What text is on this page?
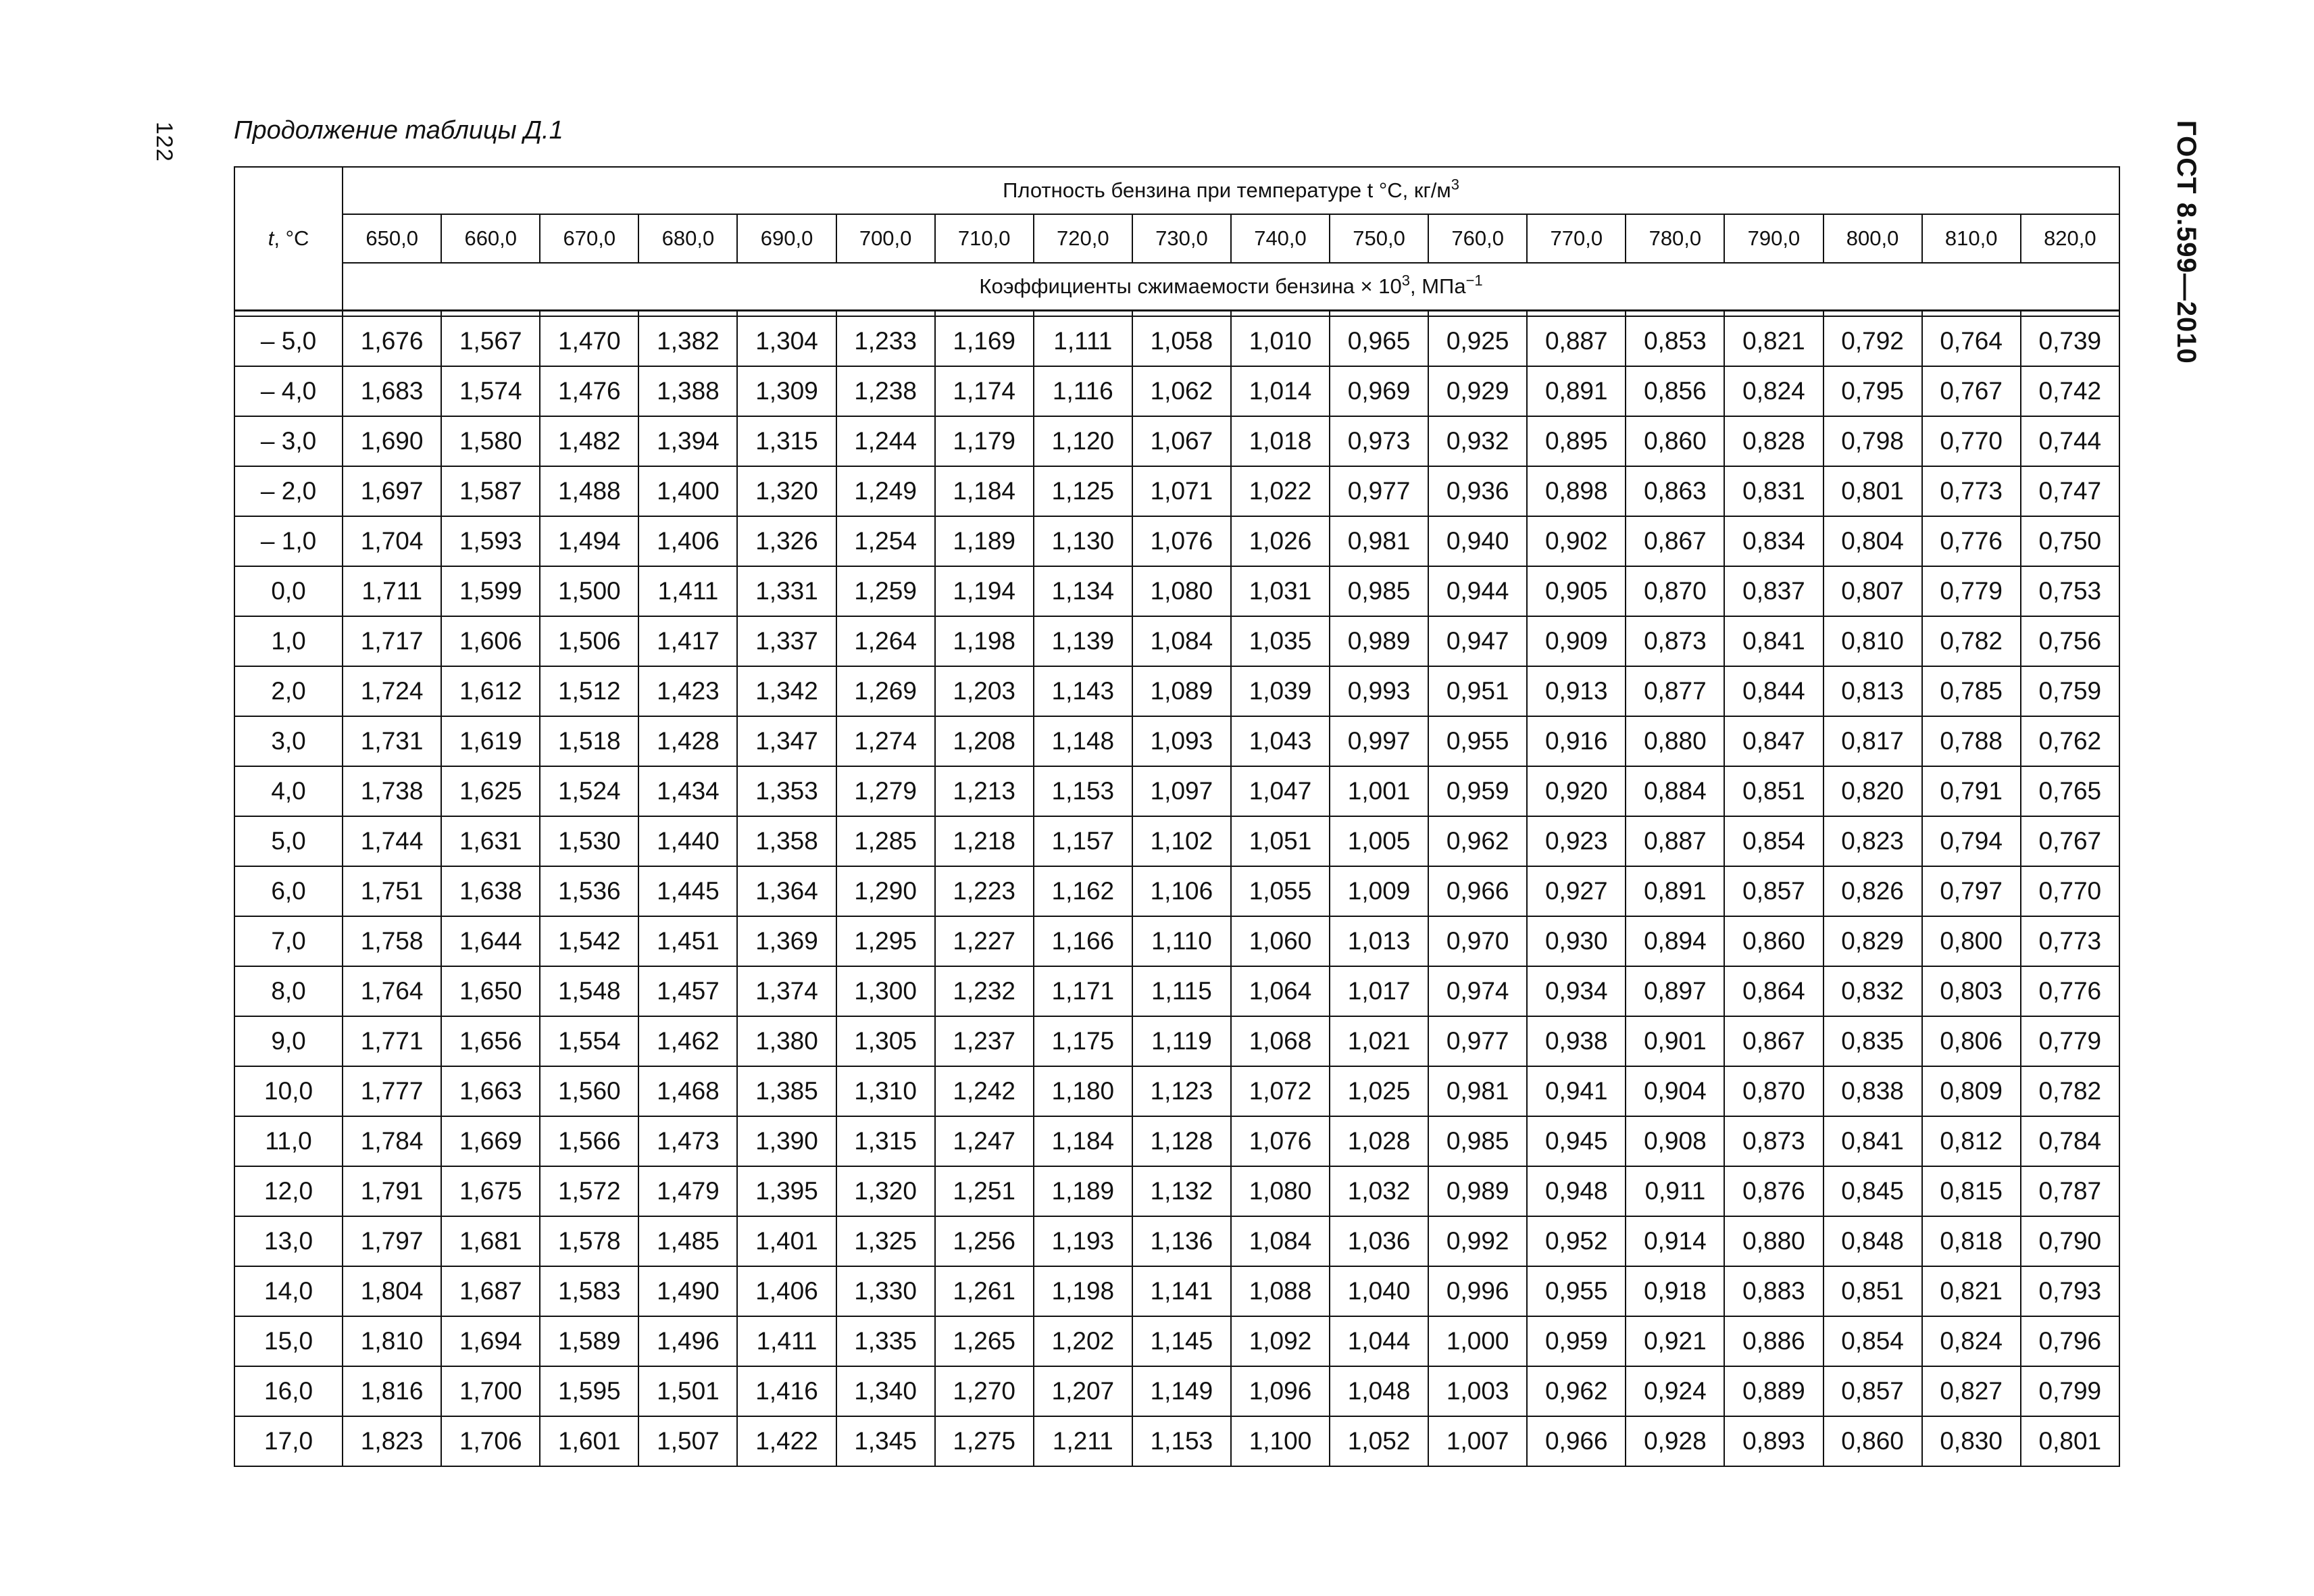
122 Продолжение таблицы Д.1	ГОСТ 8.599—2010
t, °С	Плотность бензина при температуре t °С, $кг/м^3$
	650,0	660,0	670,0	680,0	690,0	700,0	710,0	720,0	730,0	740,0	750,0	760,0	770,0	780,0	790,0	800,0	810,0	820,0
	Коэффициенты сжимаемости бензина × $10^3$, МПа$^{-1}$

– 5,0	1,676	1,567	1,470	1,382	1,304	1,233	1,169	1,111	1,058	1,010	0,965	0,925	0,887	0,853	0,821	0,792	0,764	0,739
– 4,0	1,683	1,574	1,476	1,388	1,309	1,238	1,174	1,116	1,062	1,014	0,969	0,929	0,891	0,856	0,824	0,795	0,767	0,742
– 3,0	1,690	1,580	1,482	1,394	1,315	1,244	1,179	1,120	1,067	1,018	0,973	0,932	0,895	0,860	0,828	0,798	0,770	0,744
– 2,0	1,697	1,587	1,488	1,400	1,320	1,249	1,184	1,125	1,071	1,022	0,977	0,936	0,898	0,863	0,831	0,801	0,773	0,747
– 1,0	1,704	1,593	1,494	1,406	1,326	1,254	1,189	1,130	1,076	1,026	0,981	0,940	0,902	0,867	0,834	0,804	0,776	0,750
0,0	1,711	1,599	1,500	1,411	1,331	1,259	1,194	1,134	1,080	1,031	0,985	0,944	0,905	0,870	0,837	0,807	0,779	0,753
1,0	1,717	1,606	1,506	1,417	1,337	1,264	1,198	1,139	1,084	1,035	0,989	0,947	0,909	0,873	0,841	0,810	0,782	0,756
2,0	1,724	1,612	1,512	1,423	1,342	1,269	1,203	1,143	1,089	1,039	0,993	0,951	0,913	0,877	0,844	0,813	0,785	0,759
3,0	1,731	1,619	1,518	1,428	1,347	1,274	1,208	1,148	1,093	1,043	0,997	0,955	0,916	0,880	0,847	0,817	0,788	0,762
4,0	1,738	1,625	1,524	1,434	1,353	1,279	1,213	1,153	1,097	1,047	1,001	0,959	0,920	0,884	0,851	0,820	0,791	0,765
5,0	1,744	1,631	1,530	1,440	1,358	1,285	1,218	1,157	1,102	1,051	1,005	0,962	0,923	0,887	0,854	0,823	0,794	0,767
6,0	1,751	1,638	1,536	1,445	1,364	1,290	1,223	1,162	1,106	1,055	1,009	0,966	0,927	0,891	0,857	0,826	0,797	0,770
7,0	1,758	1,644	1,542	1,451	1,369	1,295	1,227	1,166	1,110	1,060	1,013	0,970	0,930	0,894	0,860	0,829	0,800	0,773
8,0	1,764	1,650	1,548	1,457	1,374	1,300	1,232	1,171	1,115	1,064	1,017	0,974	0,934	0,897	0,864	0,832	0,803	0,776
9,0	1,771	1,656	1,554	1,462	1,380	1,305	1,237	1,175	1,119	1,068	1,021	0,977	0,938	0,901	0,867	0,835	0,806	0,779
10,0	1,777	1,663	1,560	1,468	1,385	1,310	1,242	1,180	1,123	1,072	1,025	0,981	0,941	0,904	0,870	0,838	0,809	0,782
11,0	1,784	1,669	1,566	1,473	1,390	1,315	1,247	1,184	1,128	1,076	1,028	0,985	0,945	0,908	0,873	0,841	0,812	0,784
12,0	1,791	1,675	1,572	1,479	1,395	1,320	1,251	1,189	1,132	1,080	1,032	0,989	0,948	0,911	0,876	0,845	0,815	0,787
13,0	1,797	1,681	1,578	1,485	1,401	1,325	1,256	1,193	1,136	1,084	1,036	0,992	0,952	0,914	0,880	0,848	0,818	0,790
14,0	1,804	1,687	1,583	1,490	1,406	1,330	1,261	1,198	1,141	1,088	1,040	0,996	0,955	0,918	0,883	0,851	0,821	0,793
15,0	1,810	1,694	1,589	1,496	1,411	1,335	1,265	1,202	1,145	1,092	1,044	1,000	0,959	0,921	0,886	0,854	0,824	0,796
16,0	1,816	1,700	1,595	1,501	1,416	1,340	1,270	1,207	1,149	1,096	1,048	1,003	0,962	0,924	0,889	0,857	0,827	0,799
17,0	1,823	1,706	1,601	1,507	1,422	1,345	1,275	1,211	1,153	1,100	1,052	1,007	0,966	0,928	0,893	0,860	0,830	0,801
